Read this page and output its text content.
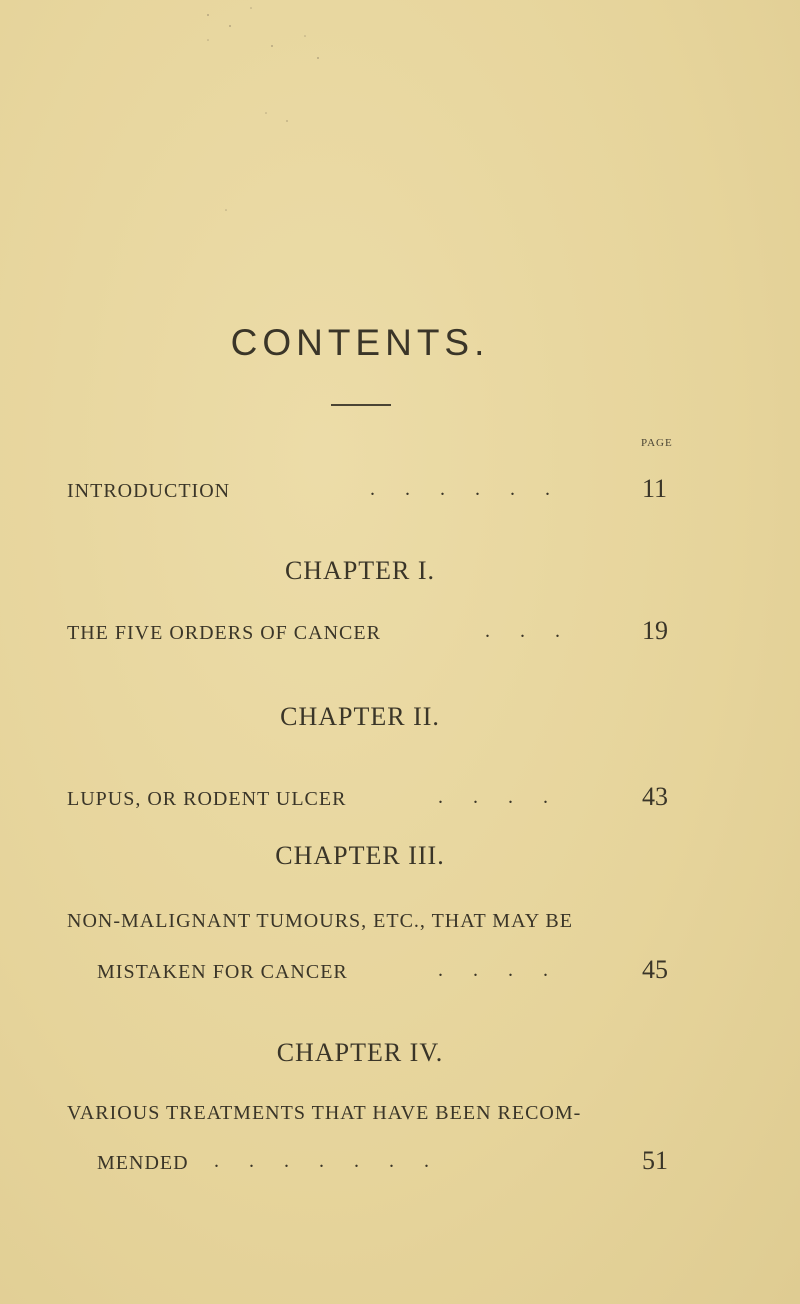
CONTENTS.
PAGE
INTRODUCTION	.      .      .      .      .      .	11
CHAPTER I.
THE FIVE ORDERS OF CANCER	.      .      .	19
CHAPTER II.
LUPUS, OR RODENT ULCER	.      .      .      .	43
CHAPTER III.
NON-MALIGNANT TUMOURS, ETC., THAT MAY BE
MISTAKEN FOR CANCER	.      .      .      .	45
CHAPTER IV.
VARIOUS TREATMENTS THAT HAVE BEEN RECOM-
MENDED .      .      .      .      .      .      .	51
